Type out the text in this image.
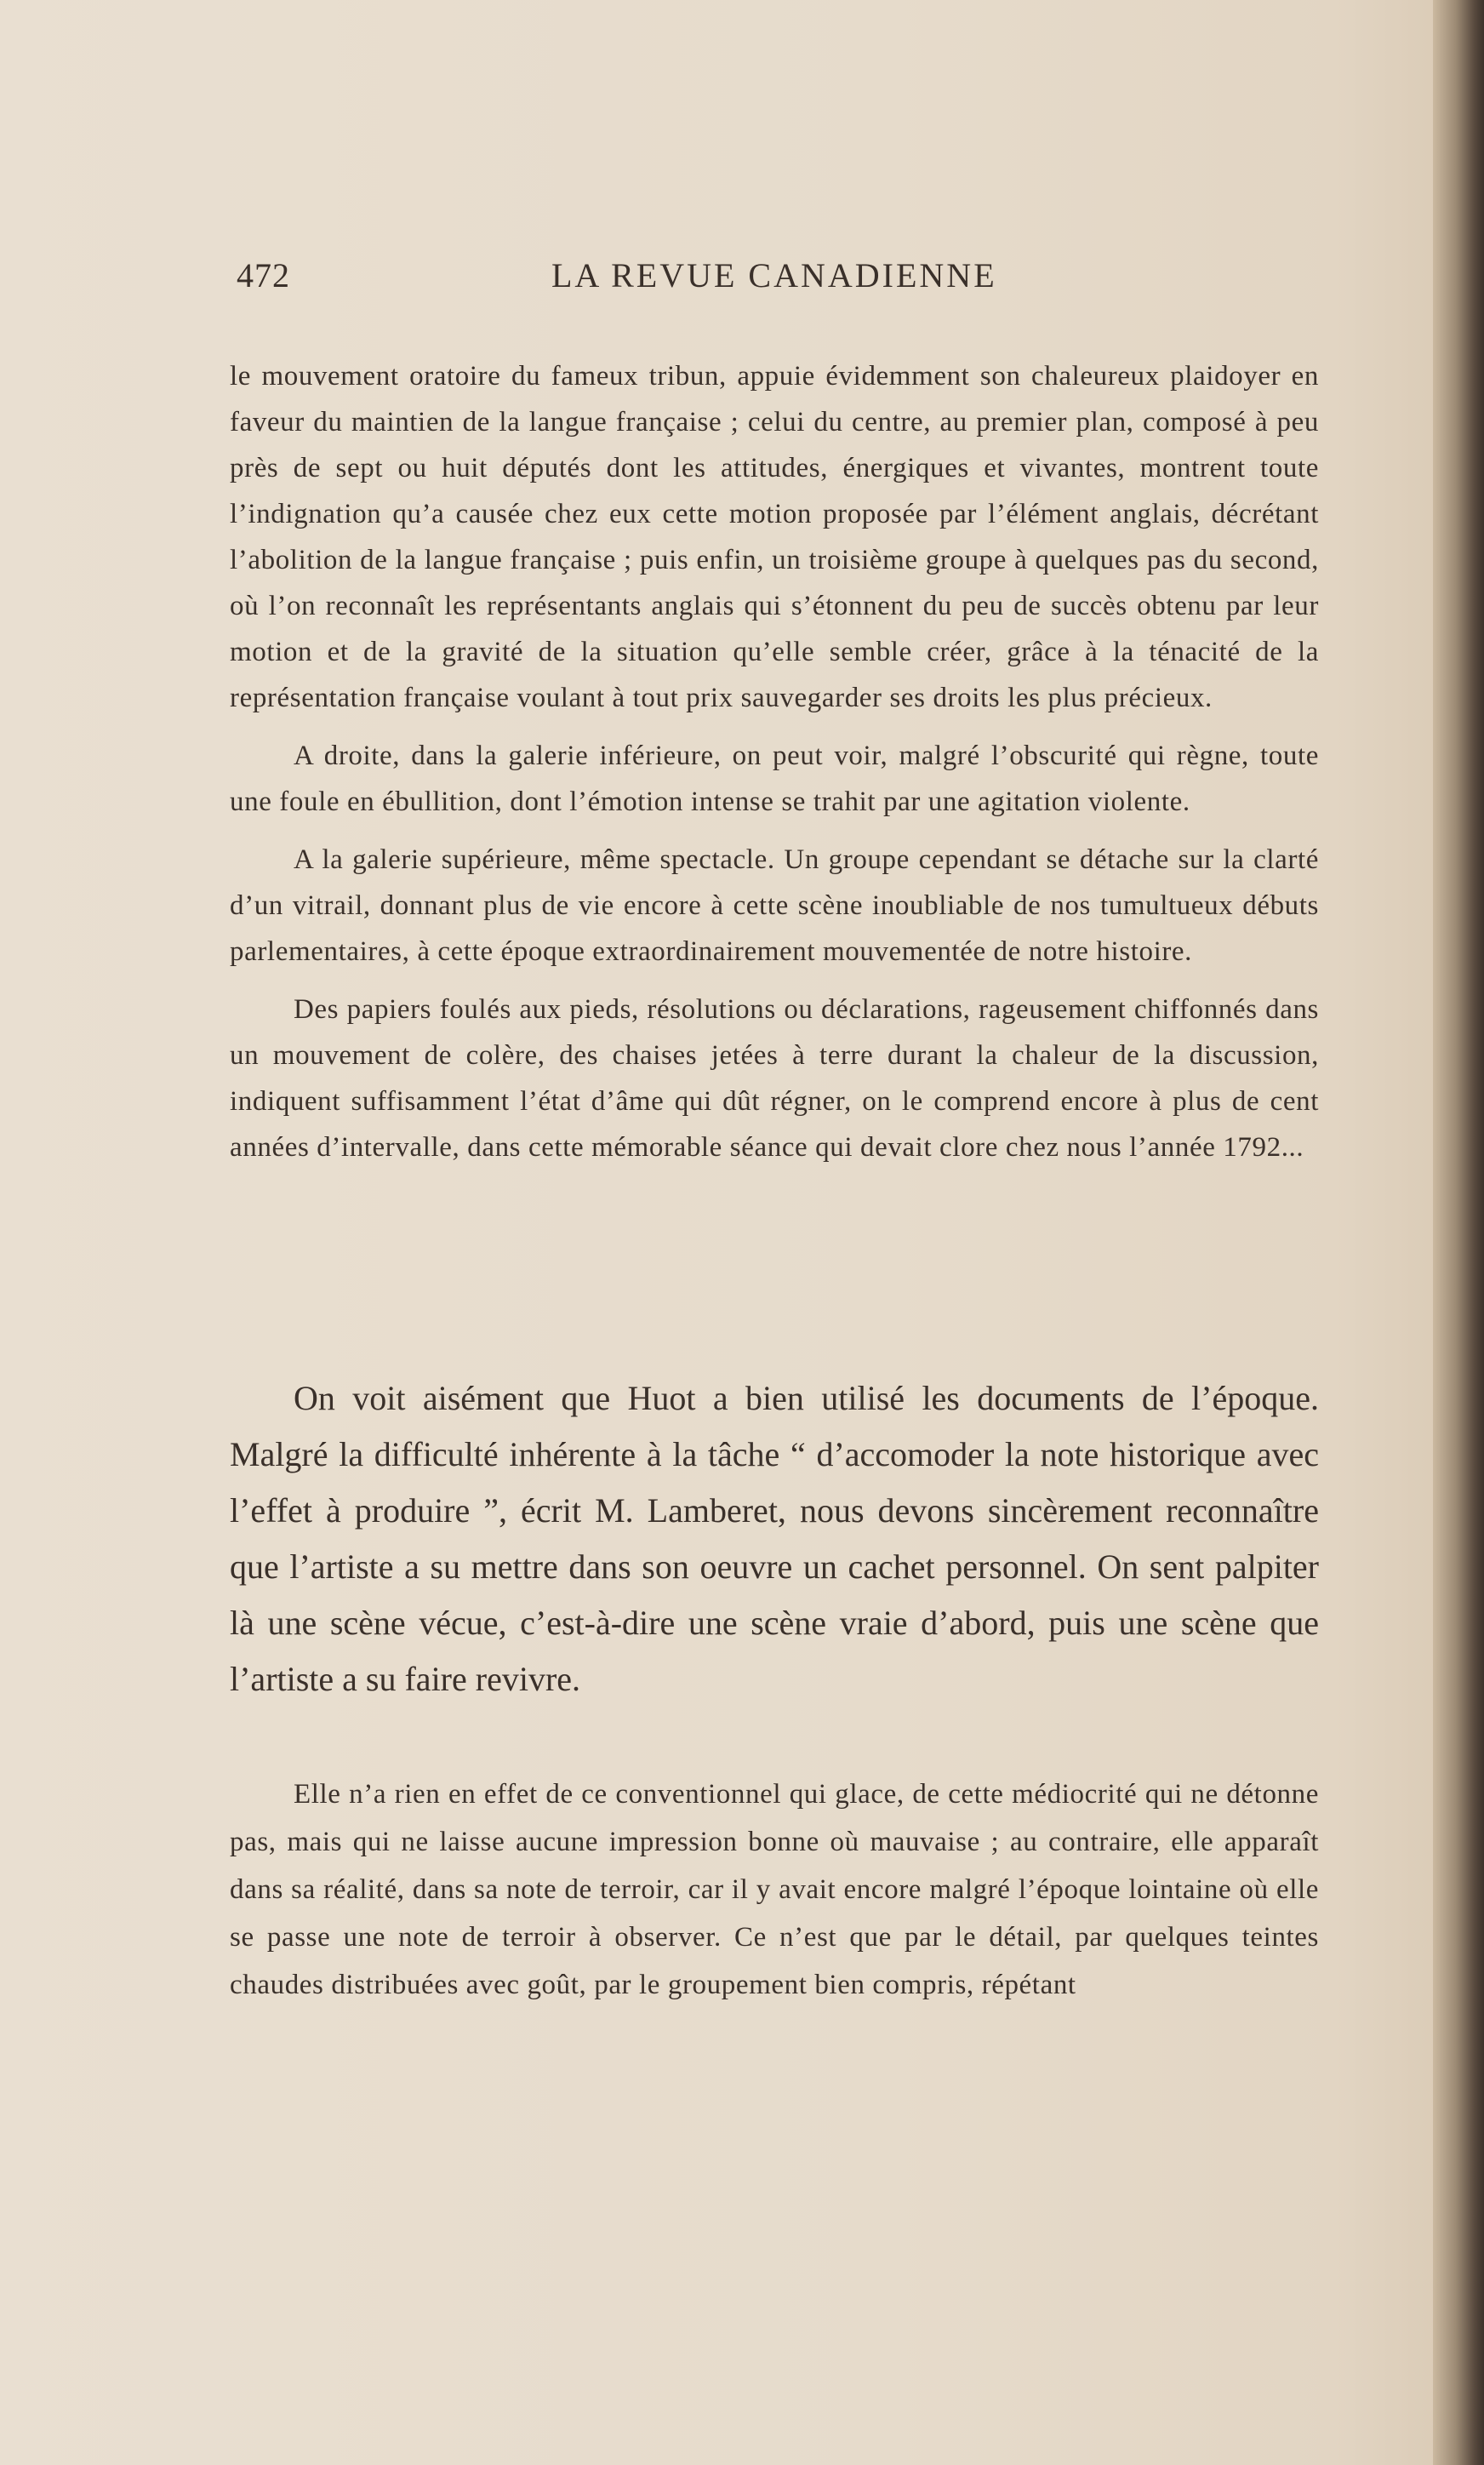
472	LA REVUE CANADIENNE

le mouvement oratoire du fameux tribun, appuie évidemment son chaleureux plaidoyer en faveur du maintien de la langue française ; celui du centre, au premier plan, composé à peu près de sept ou huit députés dont les attitudes, énergiques et vivantes, montrent toute l’indignation qu’a causée chez eux cette motion proposée par l’élément anglais, décrétant l’abolition de la langue française ; puis enfin, un troisième groupe à quelques pas du second, où l’on reconnaît les représentants anglais qui s’étonnent du peu de succès obtenu par leur motion et de la gravité de la situation qu’elle semble créer, grâce à la ténacité de la représentation française voulant à tout prix sauvegarder ses droits les plus précieux.

A droite, dans la galerie inférieure, on peut voir, malgré l’obscurité qui règne, toute une foule en ébullition, dont l’émotion intense se trahit par une agitation violente.

A la galerie supérieure, même spectacle. Un groupe cependant se détache sur la clarté d’un vitrail, donnant plus de vie encore à cette scène inoubliable de nos tumultueux débuts parlementaires, à cette époque extraordinairement mouvementée de notre histoire.

Des papiers foulés aux pieds, résolutions ou déclarations, rageusement chiffonnés dans un mouvement de colère, des chaises jetées à terre durant la chaleur de la discussion, indiquent suffisamment l’état d’âme qui dût régner, on le comprend encore à plus de cent années d’intervalle, dans cette mémorable séance qui devait clore chez nous l’année 1792...

On voit aisément que Huot a bien utilisé les documents de l’époque. Malgré la difficulté inhérente à la tâche “ d’accomoder la note historique avec l’effet à produire ”, écrit M. Lamberet, nous devons sincèrement reconnaître que l’artiste a su mettre dans son oeuvre un cachet personnel. On sent palpiter là une scène vécue, c’est-à-dire une scène vraie d’abord, puis une scène que l’artiste a su faire revivre.

Elle n’a rien en effet de ce conventionnel qui glace, de cette médiocrité qui ne détonne pas, mais qui ne laisse aucune impression bonne où mauvaise ; au contraire, elle apparaît dans sa réalité, dans sa note de terroir, car il y avait encore malgré l’époque lointaine où elle se passe une note de terroir à observer. Ce n’est que par le détail, par quelques teintes chaudes distribuées avec goût, par le groupement bien compris, répétant
